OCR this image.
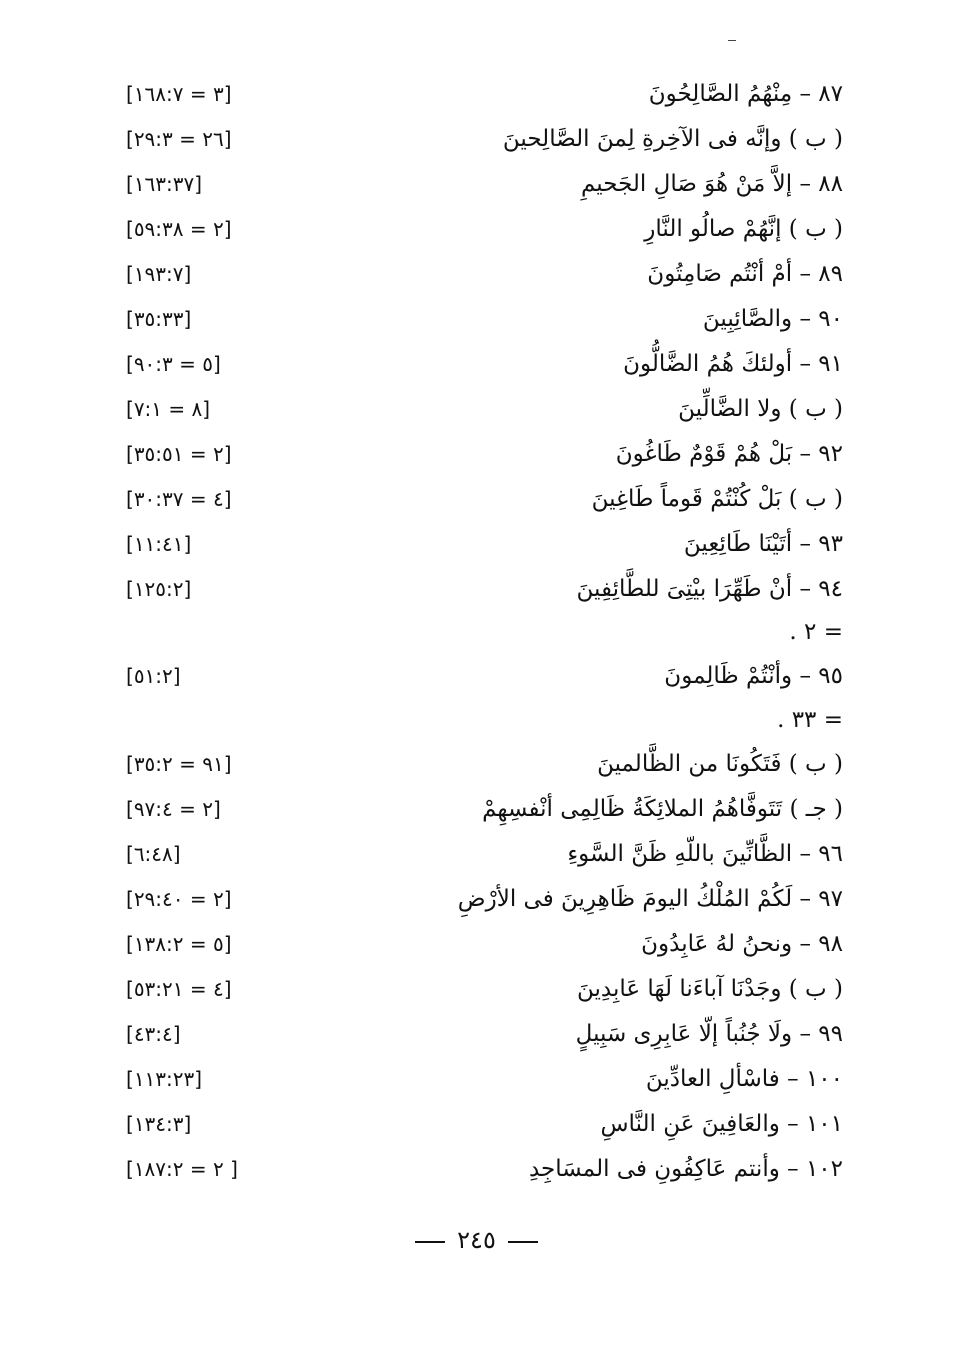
٨٧ – مِنْهُمُ الصَّالِحُونَ
[٣ = ١٦٨:٧]
( ب ) وإنَّه فى الآخِرةِ لِمنَ الصَّالِحينَ
[٢٦ = ٢٩:٣]
٨٨ – إلاَّ مَنْ هُوَ صَالِ الجَحيمِ
[١٦٣:٣٧]
( ب ) إنَّهُمْ صالُو النَّارِ
[٢ = ٥٩:٣٨]
٨٩ – أمْ أنْتُم صَامِتُونَ
[١٩٣:٧]
٩٠ – والصَّائِبِينَ
[٣٥:٣٣]
٩١ – أولئكَ هُمُ الضَّالُّونَ
[٥ = ٩٠:٣]
( ب ) ولا الضَّالِّينَ
[٨ = ٧:١]
٩٢ – بَلْ هُمْ قَوْمٌ طَاغُونَ
[٢ = ٣٥:٥١]
( ب ) بَلْ كُنْتُمْ قَوماً طَاغِينَ
[٤ = ٣٠:٣٧]
٩٣ – أتَيْنَا طَائِعِينَ
[١١:٤١]
٩٤ – أنْ طَهِّرَا بيْتِىَ للطَّائِفِينَ
[١٢٥:٢]
= ٢ .
٩٥ – وأنْتُمْ ظَالِمونَ
[٥١:٢]
= ٣٣ .
( ب ) فَتَكُونَا من الظَّالمينَ
[٩١ = ٣٥:٢]
( جـ ) تَتَوفَّاهُمُ الملائِكَةُ ظَالِمِى أنْفسِهِمْ
[٢ = ٩٧:٤]
٩٦ – الظَّانِّينَ باللّهِ ظَنَّ السَّوءِ
[٦:٤٨]
٩٧ – لَكُمْ المُلْكُ اليومَ ظَاهِرِينَ فى الأرْضِ
[٢ = ٢٩:٤٠]
٩٨ – ونحنُ لهُ عَابِدُونَ
[٥ = ١٣٨:٢]
( ب ) وجَدْنَا آباءَنا لَهَا عَابِدِينَ
[٤ = ٥٣:٢١]
٩٩ – ولَا جُنُباً إلّا عَابِرِى سَبِيلٍ
[٤٣:٤]
١٠٠ – فاسْألِ العادِّينَ
[١١٣:٢٣]
١٠١ – والعَافِينَ عَنِ النَّاسِ
[١٣٤:٣]
١٠٢ – وأنتم عَاكِفُونِ فى المسَاجِدِ
[٢ = ١٨٧:٢ ]
٢٤٥
